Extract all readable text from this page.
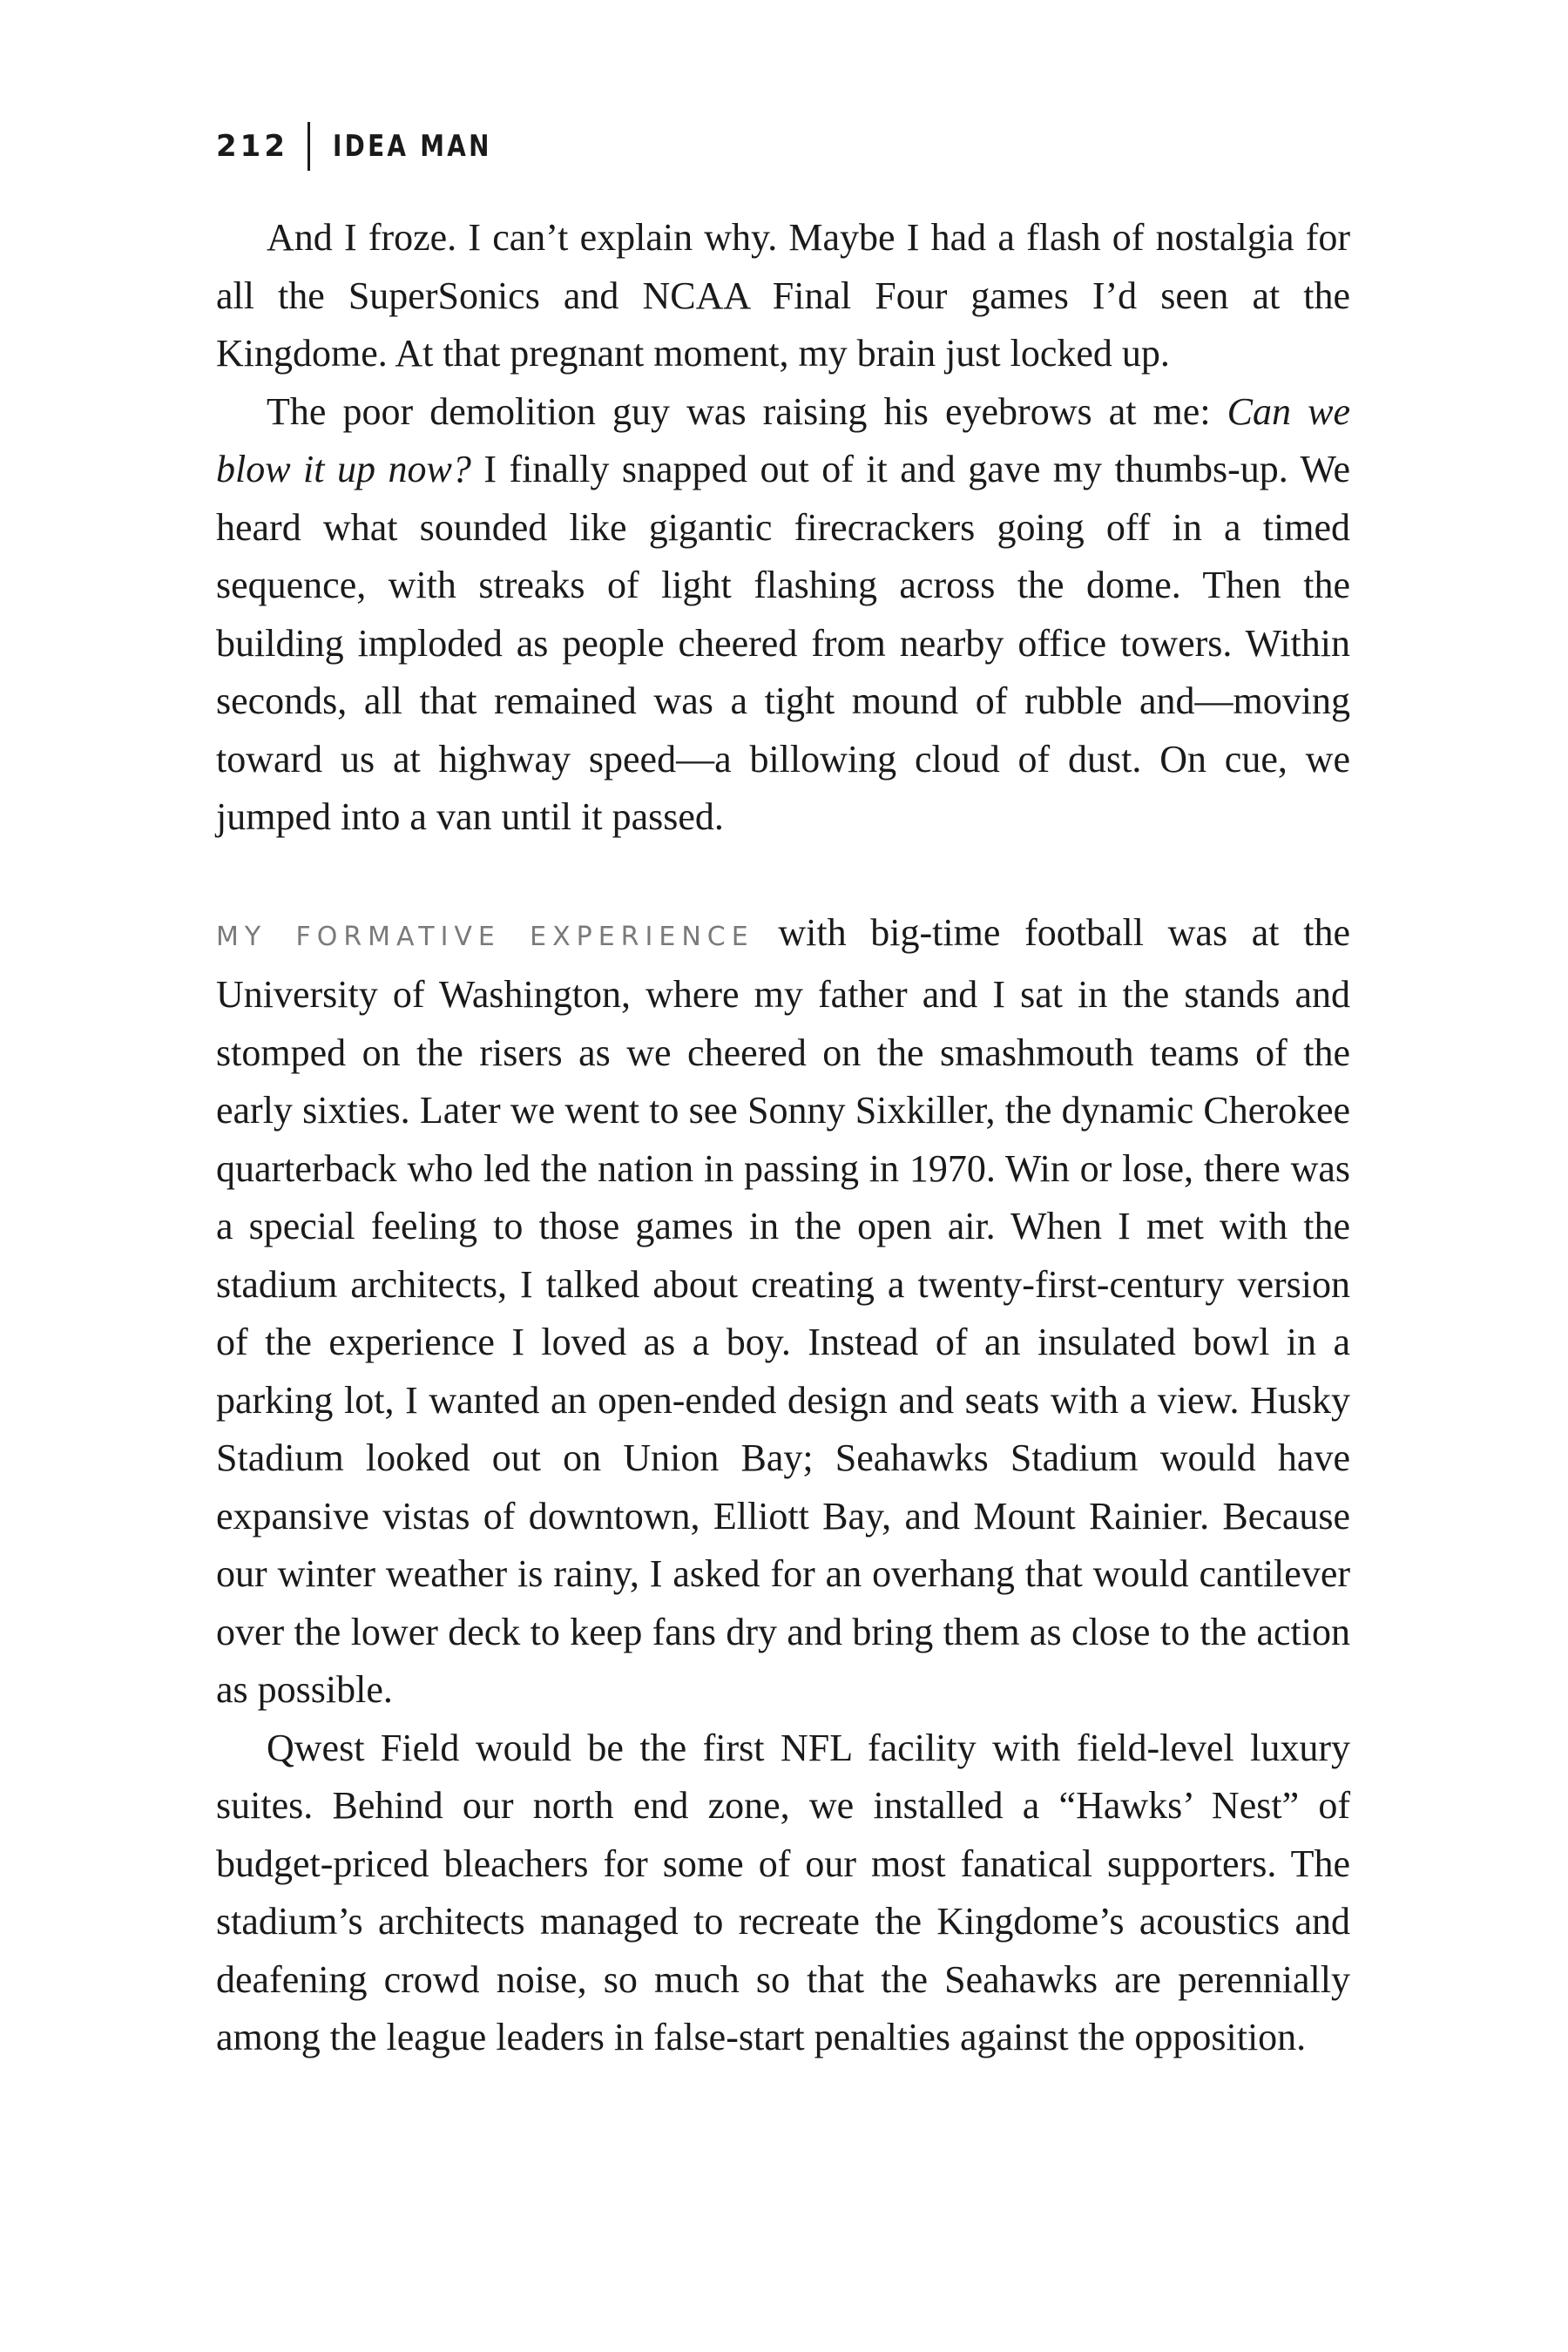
212 IDEA MAN

And I froze. I can’t explain why. Maybe I had a flash of nostalgia for all the SuperSonics and NCAA Final Four games I’d seen at the Kingdome. At that pregnant moment, my brain just locked up.

The poor demolition guy was raising his eyebrows at me: Can we blow it up now? I finally snapped out of it and gave my thumbs-up. We heard what sounded like gigantic firecrackers going off in a timed sequence, with streaks of light flashing across the dome. Then the building imploded as people cheered from nearby office towers. Within seconds, all that remained was a tight mound of rubble and—moving toward us at highway speed—a billowing cloud of dust. On cue, we jumped into a van until it passed.

MY FORMATIVE EXPERIENCE with big-time football was at the University of Washington, where my father and I sat in the stands and stomped on the risers as we cheered on the smashmouth teams of the early sixties. Later we went to see Sonny Sixkiller, the dynamic Cherokee quarterback who led the nation in passing in 1970. Win or lose, there was a special feeling to those games in the open air. When I met with the stadium architects, I talked about creating a twenty-first-century version of the experience I loved as a boy. Instead of an insulated bowl in a parking lot, I wanted an open-ended design and seats with a view. Husky Stadium looked out on Union Bay; Seahawks Stadium would have expansive vistas of downtown, Elliott Bay, and Mount Rainier. Because our winter weather is rainy, I asked for an overhang that would cantilever over the lower deck to keep fans dry and bring them as close to the action as possible.

Qwest Field would be the first NFL facility with field-level luxury suites. Behind our north end zone, we installed a “Hawks’ Nest” of budget-priced bleachers for some of our most fanatical supporters. The stadium’s architects managed to recreate the Kingdome’s acoustics and deafening crowd noise, so much so that the Seahawks are perennially among the league leaders in false-start penalties against the opposition.
